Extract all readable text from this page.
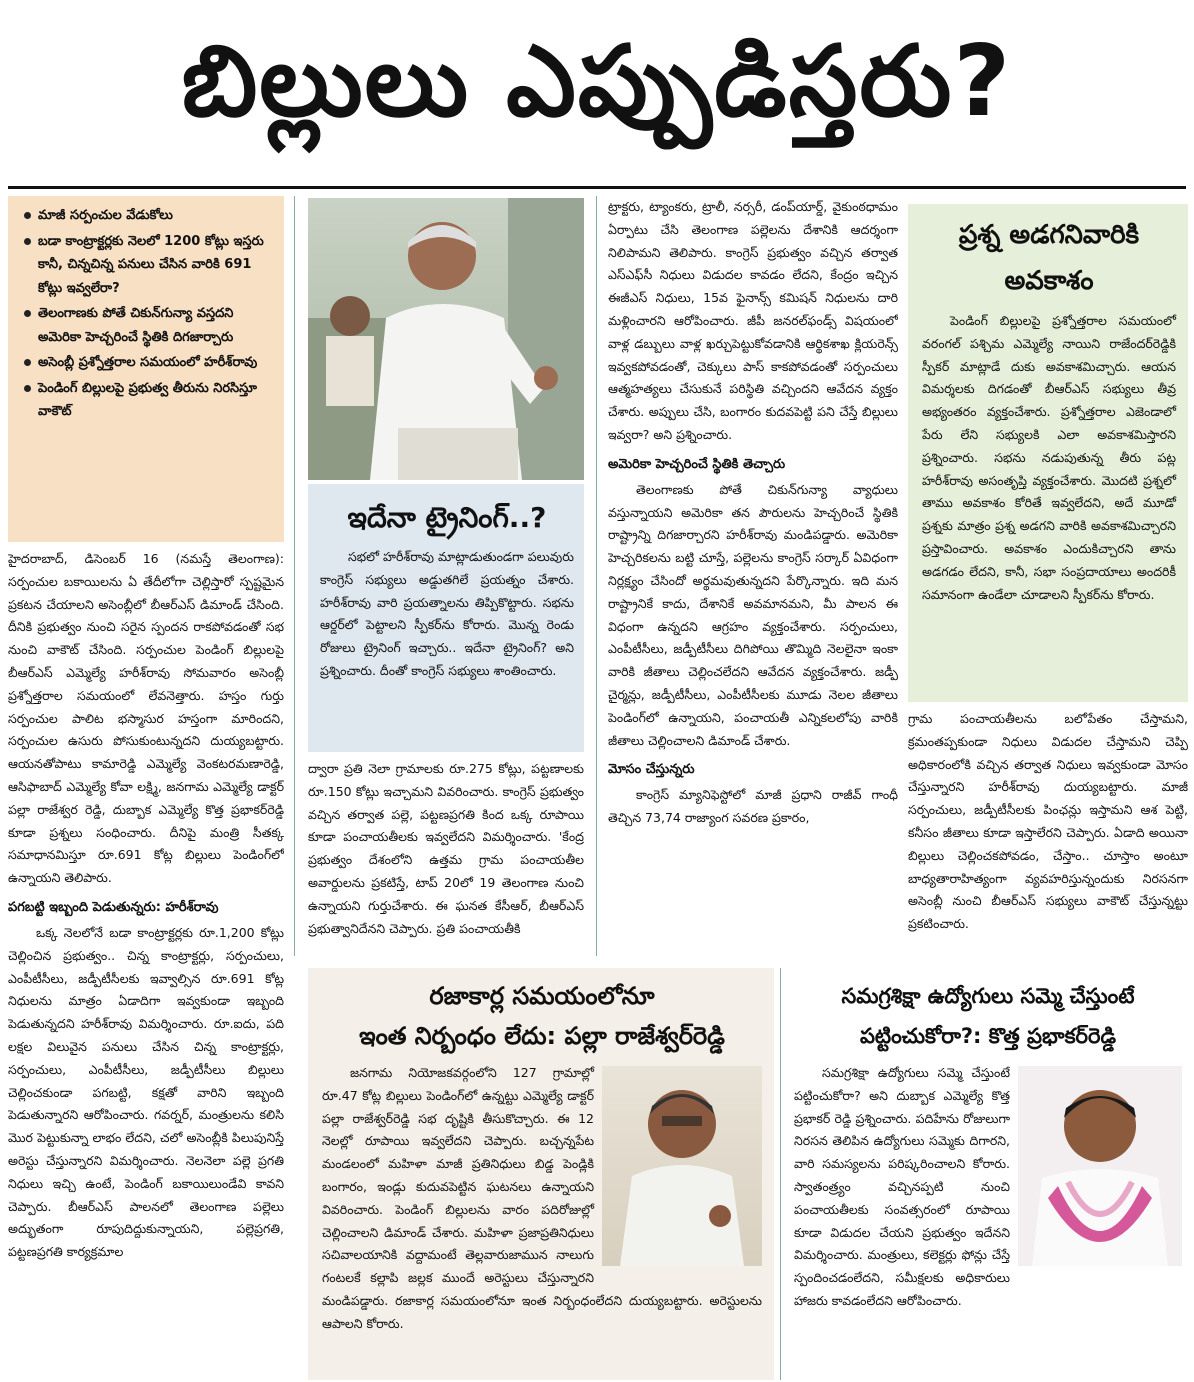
బిల్లులు ఎప్పుడిస్తరు?
మాజీ సర్పంచుల వేడుకోలు
బడా కాంట్రాక్టర్లకు నెలలో 1200 కోట్లు ఇస్తరు కానీ, చిన్నచిన్న పనులు చేసిన వారికి 691 కోట్లు ఇవ్వలేరా?
తెలంగాణకు పోతే చికున్‌గున్యా వస్తదని అమెరికా హెచ్చరించే స్థితికి దిగజార్చారు
అసెంబ్లీ ప్రశ్నోత్తరాల సమయంలో హరీశ్‌రావు
పెండింగ్ బిల్లులపై ప్రభుత్వ తీరును నిరసిస్తూ వాకౌట్

హైదరాబాద్, డిసెంబర్ 16 (నమస్తే తెలంగాణ): సర్పంచుల బకాయిలను ఏ తేదీలోగా చెల్లిస్తారో స్పష్టమైన ప్రకటన చేయాలని అసెంబ్లీలో బీఆర్‌ఎస్ డిమాండ్ చేసింది. దీనికి ప్రభుత్వం నుంచి సరైన స్పందన రాకపోవడంతో సభ నుంచి వాకౌట్ చేసింది. సర్పంచుల పెండింగ్ బిల్లులపై బీఆర్‌ఎస్ ఎమ్మెల్యే హరీశ్‌రావు సోమవారం అసెంబ్లీ ప్రశ్నోత్తరాల సమయంలో లేవనెత్తారు. హస్తం గుర్తు సర్పంచుల పాలిట భస్మాసుర హస్తంగా మారిందని, సర్పంచుల ఉసురు పోసుకుంటున్నదని దుయ్యబట్టారు. ఆయనతోపాటు కామారెడ్డి ఎమ్మెల్యే వెంకటరమణారెడ్డి, ఆసిఫాబాద్ ఎమ్మెల్యే కోవా లక్ష్మి, జనగామ ఎమ్మెల్యే డాక్టర్ పల్లా రాజేశ్వర రెడ్డి, దుబ్బాక ఎమ్మెల్యే కొత్త ప్రభాకర్‌రెడ్డి కూడా ప్రశ్నలు సంధించారు. దీనిపై మంత్రి సీతక్క సమాధానమిస్తూ రూ.691 కోట్ల బిల్లులు పెండింగ్‌లో ఉన్నాయని తెలిపారు.

పగబట్టి ఇబ్బంది పెడుతున్నరు: హరీశ్‌రావు

ఒక్క నెలలోనే బడా కాంట్రాక్టర్లకు రూ.1,200 కోట్లు చెల్లించిన ప్రభుత్వం.. చిన్న కాంట్రాక్టర్లు, సర్పంచులు, ఎంపీటీసీలు, జడ్పీటీసీలకు ఇవ్వాల్సిన రూ.691 కోట్ల నిధులను మాత్రం ఏడాదిగా ఇవ్వకుండా ఇబ్బంది పెడుతున్నదని హరీశ్‌రావు విమర్శించారు. రూ.ఐదు, పది లక్షల విలువైన పనులు చేసిన చిన్న కాంట్రాక్టర్లు, సర్పంచులు, ఎంపీటీసీలు, జడ్పీటీసీలు బిల్లులు చెల్లించకుండా పగబట్టి, కక్షతో వారిని ఇబ్బంది పెడుతున్నారని ఆరోపించారు. గవర్నర్, మంత్రులను కలిసి మొర పెట్టుకున్నా లాభం లేదని, చలో అసెంబ్లీకి పిలుపునిస్తే అరెస్టు చేస్తున్నారని విమర్శించారు. నెలనెలా పల్లె ప్రగతి నిధులు ఇచ్చి ఉంటే, పెండింగ్ బకాయిలుండేవి కావని చెప్పారు. బీఆర్‌ఎస్ పాలనలో తెలంగాణ పల్లెలు అద్భుతంగా రూపుదిద్దుకున్నాయని, పల్లెప్రగతి, పట్టణప్రగతి కార్యక్రమాల

ఇదేనా ట్రైనింగ్..?

సభలో హరీశ్‌రావు మాట్లాడుతుండగా పలువురు కాంగ్రెస్ సభ్యులు అడ్డుతగిలే ప్రయత్నం చేశారు. హరీశ్‌రావు వారి ప్రయత్నాలను తిప్పికొట్టారు. సభను ఆర్డర్‌లో పెట్టాలని స్పీకర్‌ను కోరారు. మొన్న రెండు రోజులు ట్రైనింగ్ ఇచ్చారు.. ఇదేనా ట్రైనింగ్? అని ప్రశ్నించారు. దీంతో కాంగ్రెస్ సభ్యులు శాంతించారు.

ద్వారా ప్రతి నెలా గ్రామాలకు రూ.275 కోట్లు, పట్టణాలకు రూ.150 కోట్లు ఇచ్చామని వివరించారు. కాంగ్రెస్ ప్రభుత్వం వచ్చిన తర్వాత పల్లె, పట్టణప్రగతి కింద ఒక్క రూపాయి కూడా పంచాయతీలకు ఇవ్వలేదని విమర్శించారు. 'కేంద్ర ప్రభుత్వం దేశంలోని ఉత్తమ గ్రామ పంచాయతీల అవార్డులను ప్రకటిస్తే, టాప్ 20లో 19 తెలంగాణ నుంచి ఉన్నాయని గుర్తుచేశారు. ఈ ఘనత కేసీఆర్, బీఆర్‌ఎస్ ప్రభుత్వానిదేనని చెప్పారు. ప్రతి పంచాయతీకి

ట్రాక్టరు, ట్యాంకరు, ట్రాలీ, నర్సరీ, డంప్‌యార్డ్, వైకుంఠధామం ఏర్పాటు చేసి తెలంగాణ పల్లెలను దేశానికి ఆదర్శంగా నిలిపామని తెలిపారు. కాంగ్రెస్ ప్రభుత్వం వచ్చిన తర్వాత ఎస్‌ఎఫ్‌సీ నిధులు విడుదల కావడం లేదని, కేంద్రం ఇచ్చిన ఈజీఎస్ నిధులు, 15వ ఫైనాన్స్ కమిషన్ నిధులను దారి మళ్లించారని ఆరోపించారు. జీపీ జనరల్‌ఫండ్స్ విషయంలో వాళ్ల డబ్బులు వాళ్ల ఖర్చుపెట్టుకోవడానికి ఆర్థికశాఖ క్లియరెన్స్ ఇవ్వకపోవడంతో, చెక్కులు పాస్ కాకపోవడంతో సర్పంచులు ఆత్మహత్యలు చేసుకునే పరిస్థితి వచ్చిందని ఆవేదన వ్యక్తం చేశారు. అప్పులు చేసి, బంగారం కుదవపెట్టి పని చేస్తే బిల్లులు ఇవ్వరా? అని ప్రశ్నించారు.

అమెరికా హెచ్చరించే స్థితికి తెచ్చారు

తెలంగాణకు పోతే చికున్‌గున్యా వ్యాధులు వస్తున్నాయని అమెరికా తన పౌరులను హెచ్చరించే స్థితికి రాష్ట్రాన్ని దిగజార్చారని హరీశ్‌రావు మండిపడ్డారు. అమెరికా హెచ్చరికలను బట్టి చూస్తే, పల్లెలను కాంగ్రెస్ సర్కార్ ఏవిధంగా నిర్లక్ష్యం చేసిందో అర్థమవుతున్నదని పేర్కొన్నారు. ఇది మన రాష్ట్రానికే కాదు, దేశానికే అవమానమని, మీ పాలన ఈ విధంగా ఉన్నదని ఆగ్రహం వ్యక్తంచేశారు. సర్పంచులు, ఎంపీటీసీలు, జడ్పీటీసీలు దిగిపోయి తొమ్మిది నెలలైనా ఇంకా వారికి జీతాలు చెల్లించలేదని ఆవేదన వ్యక్తంచేశారు. జడ్పీ చైర్మన్లు, జడ్పీటీసీలు, ఎంపీటీసీలకు మూడు నెలల జీతాలు పెండింగ్‌లో ఉన్నాయని, పంచాయతీ ఎన్నికలలోపు వారికి జీతాలు చెల్లించాలని డిమాండ్ చేశారు.

మోసం చేస్తున్నరు

కాంగ్రెస్ మ్యానిఫెస్టోలో మాజీ ప్రధాని రాజీవ్ గాంధీ తెచ్చిన 73,74 రాజ్యాంగ సవరణ ప్రకారం,

ప్రశ్న అడగనివారికి అవకాశం

పెండింగ్ బిల్లులపై ప్రశ్నోత్తరాల సమయంలో వరంగల్ పశ్చిమ ఎమ్మెల్యే నాయిని రాజేందర్‌రెడ్డికి స్పీకర్ మాట్లాడే దుకు అవకాశమిచ్చారు. ఆయన విమర్శలకు దిగడంతో బీఆర్‌ఎస్ సభ్యులు తీవ్ర అభ్యంతరం వ్యక్తంచేశారు. ప్రశ్నోత్తరాల ఎజెండాలో పేరు లేని సభ్యులకి ఎలా అవకాశమిస్తారని ప్రశ్నించారు. సభను నడుపుతున్న తీరు పట్ల హరీశ్‌రావు అసంతృప్తి వ్యక్తంచేశారు. మొదటి ప్రశ్నలో తాము అవకాశం కోరితే ఇవ్వలేదని, అదే మూడో ప్రశ్నకు మాత్రం ప్రశ్న అడగని వారికి అవకాశమిచ్చారని ప్రస్తావించారు. అవకాశం ఎందుకిచ్చారని తాను అడగడం లేదని, కానీ, సభా సంప్రదాయాలు అందరికీ సమానంగా ఉండేలా చూడాలని స్పీకర్‌ను కోరారు.

గ్రామ పంచాయతీలను బలోపేతం చేస్తామని, క్రమంతప్పకుండా నిధులు విడుదల చేస్తామని చెప్పి అధికారంలోకి వచ్చిన తర్వాత నిధులు ఇవ్వకుండా మోసం చేస్తున్నారని హరీశ్‌రావు దుయ్యబట్టారు. మాజీ సర్పంచులు, జడ్పీటీసీలకు పింఛన్లు ఇస్తామని ఆశ పెట్టి, కనీసం జీతాలు కూడా ఇస్తాలేరని చెప్పారు. ఏడాది అయినా బిల్లులు చెల్లించకపోవడం, చేస్తాం.. చూస్తాం అంటూ బాధ్యతారాహిత్యంగా వ్యవహరిస్తున్నందుకు నిరసనగా అసెంబ్లీ నుంచి బీఆర్‌ఎస్ సభ్యులు వాకౌట్ చేస్తున్నట్టు ప్రకటించారు.

రజాకార్ల సమయంలోనూ
ఇంత నిర్బంధం లేదు: పల్లా రాజేశ్వర్‌రెడ్డి

జనగామ నియోజకవర్గంలోని 127 గ్రామాల్లో రూ.47 కోట్ల బిల్లులు పెండింగ్‌లో ఉన్నట్టు ఎమ్మెల్యే డాక్టర్ పల్లా రాజేశ్వర్‌రెడ్డి సభ దృష్టికి తీసుకొచ్చారు. ఈ 12 నెలల్లో రూపాయి ఇవ్వలేదని చెప్పారు. బచ్చన్నపేట మండలంలో మహిళా మాజీ ప్రతినిధులు బిడ్డ పెండ్లికి బంగారం, ఇండ్లు కుదువపెట్టిన ఘటనలు ఉన్నాయని వివరించారు. పెండింగ్ బిల్లులను వారం పదిరోజుల్లో చెల్లించాలని డిమాండ్ చేశారు. మహిళా ప్రజాప్రతినిధులు సచివాలయానికి వద్దామంటే తెల్లవారుజామున నాలుగు గంటలకే కల్లాపి జల్లక ముందే అరెస్టులు చేస్తున్నారని మండిపడ్డారు. రజాకార్ల సమయంలోనూ ఇంత నిర్బంధంలేదని దుయ్యబట్టారు. అరెస్టులను ఆపాలని కోరారు.

సమగ్రశిక్షా ఉద్యోగులు సమ్మె చేస్తుంటే
పట్టించుకోరా?: కొత్త ప్రభాకర్‌రెడ్డి

సమగ్రశిక్షా ఉద్యోగులు సమ్మె చేస్తుంటే పట్టించుకోరా? అని దుబ్బాక ఎమ్మెల్యే కొత్త ప్రభాకర్ రెడ్డి ప్రశ్నించారు. పదిహేను రోజులుగా నిరసన తెలిపిన ఉద్యోగులు సమ్మెకు దిగారని, వారి సమస్యలను పరిష్కరించాలని కోరారు. స్వాతంత్ర్యం వచ్చినప్పటి నుంచి పంచాయతీలకు సంవత్సరంలో రూపాయి కూడా విడుదల చేయని ప్రభుత్వం ఇదేనని విమర్శించారు. మంత్రులు, కలెక్టర్లు ఫోన్లు చేస్తే స్పందించడంలేదని, సమీక్షలకు అధికారులు హాజరు కావడంలేదని ఆరోపించారు.
